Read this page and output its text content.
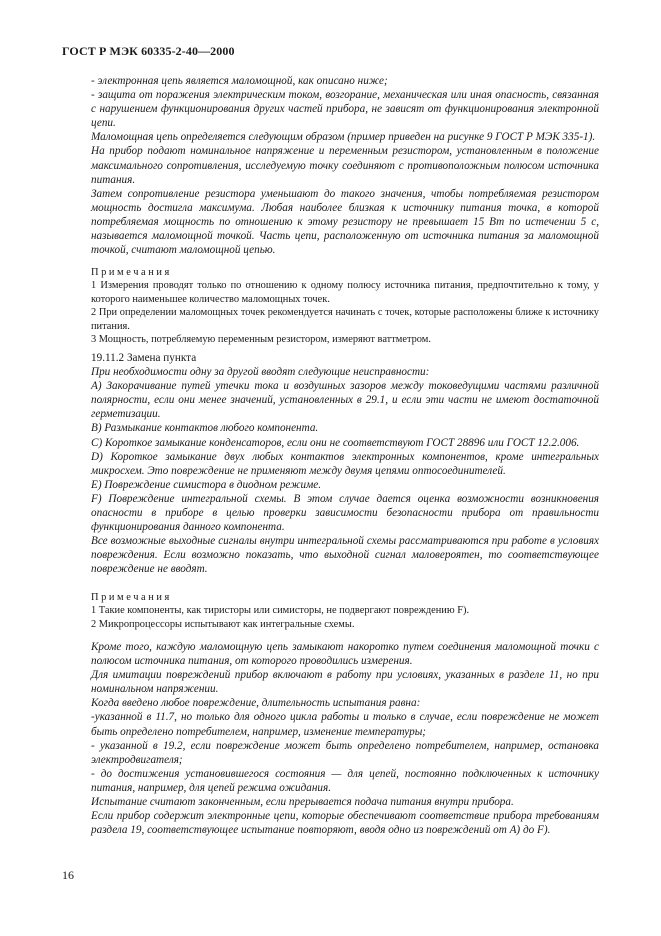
ГОСТ Р МЭК 60335-2-40—2000

- электронная цепь является маломощной, как описано ниже;

- защита от поражения электрическим током, возгорание, механическая или иная опасность, связанная с нарушением функционирования других частей прибора, не зависят от функционирования электронной цепи.

Маломощная цепь определяется следующим образом (пример приведен на рисунке 9 ГОСТ Р МЭК 335-1).

На прибор подают номинальное напряжение и переменным резистором, установленным в положение максимального сопротивления, исследуемую точку соединяют с противоположным полюсом источника питания.

Затем сопротивление резистора уменьшают до такого значения, чтобы потребляемая резистором мощность достигла максимума. Любая наиболее близкая к источнику питания точка, в которой потребляемая мощность по отношению к этому резистору не превышает 15 Вт по истечении 5 с, называется маломощной точкой. Часть цепи, расположенную от источника питания за маломощной точкой, считают маломощной цепью.

Примечания

1 Измерения проводят только по отношению к одному полюсу источника питания, предпочтительно к тому, у которого наименьшее количество маломощных точек.

2 При определении маломощных точек рекомендуется начинать с точек, которые расположены ближе к источнику питания.

3 Мощность, потребляемую переменным резистором, измеряют ваттметром.

19.11.2 Замена пункта

При необходимости одну за другой вводят следующие неисправности:

А) Закорачивание путей утечки тока и воздушных зазоров между токоведущими частями различной полярности, если они менее значений, установленных в 29.1, и если эти части не имеют достаточной герметизации.

В) Размыкание контактов любого компонента.

С) Короткое замыкание конденсаторов, если они не соответствуют ГОСТ 28896 или ГОСТ 12.2.006.

D) Короткое замыкание двух любых контактов электронных компонентов, кроме интегральных микросхем. Это повреждение не применяют между двумя цепями оптосоединителей.

E) Повреждение симистора в диодном режиме.

F) Повреждение интегральной схемы. В этом случае дается оценка возможности возникновения опасности в приборе в целью проверки зависимости безопасности прибора от правильности функционирования данного компонента.

Все возможные выходные сигналы внутри интегральной схемы рассматриваются при работе в условиях повреждения. Если возможно показать, что выходной сигнал маловероятен, то соответствующее повреждение не вводят.

Примечания

1 Такие компоненты, как тиристоры или симисторы, не подвергают повреждению F).

2 Микропроцессоры испытывают как интегральные схемы.

Кроме того, каждую маломощную цепь замыкают накоротко путем соединения маломощной точки с полюсом источника питания, от которого проводились измерения.

Для имитации повреждений прибор включают в работу при условиях, указанных в разделе 11, но при номинальном напряжении.

Когда введено любое повреждение, длительность испытания равна:

-указанной в 11.7, но только для одного цикла работы и только в случае, если повреждение не может быть определено потребителем, например, изменение температуры;

- указанной в 19.2, если повреждение может быть определено потребителем, например, остановка электродвигателя;

- до достижения установившегося состояния — для цепей, постоянно подключенных к источнику питания, например, для цепей режима ожидания.

Испытание считают законченным, если прерывается подача питания внутри прибора.

Если прибор содержит электронные цепи, которые обеспечивают соответствие прибора требованиям раздела 19, соответствующее испытание повторяют, вводя одно из повреждений от А) до F).

16
